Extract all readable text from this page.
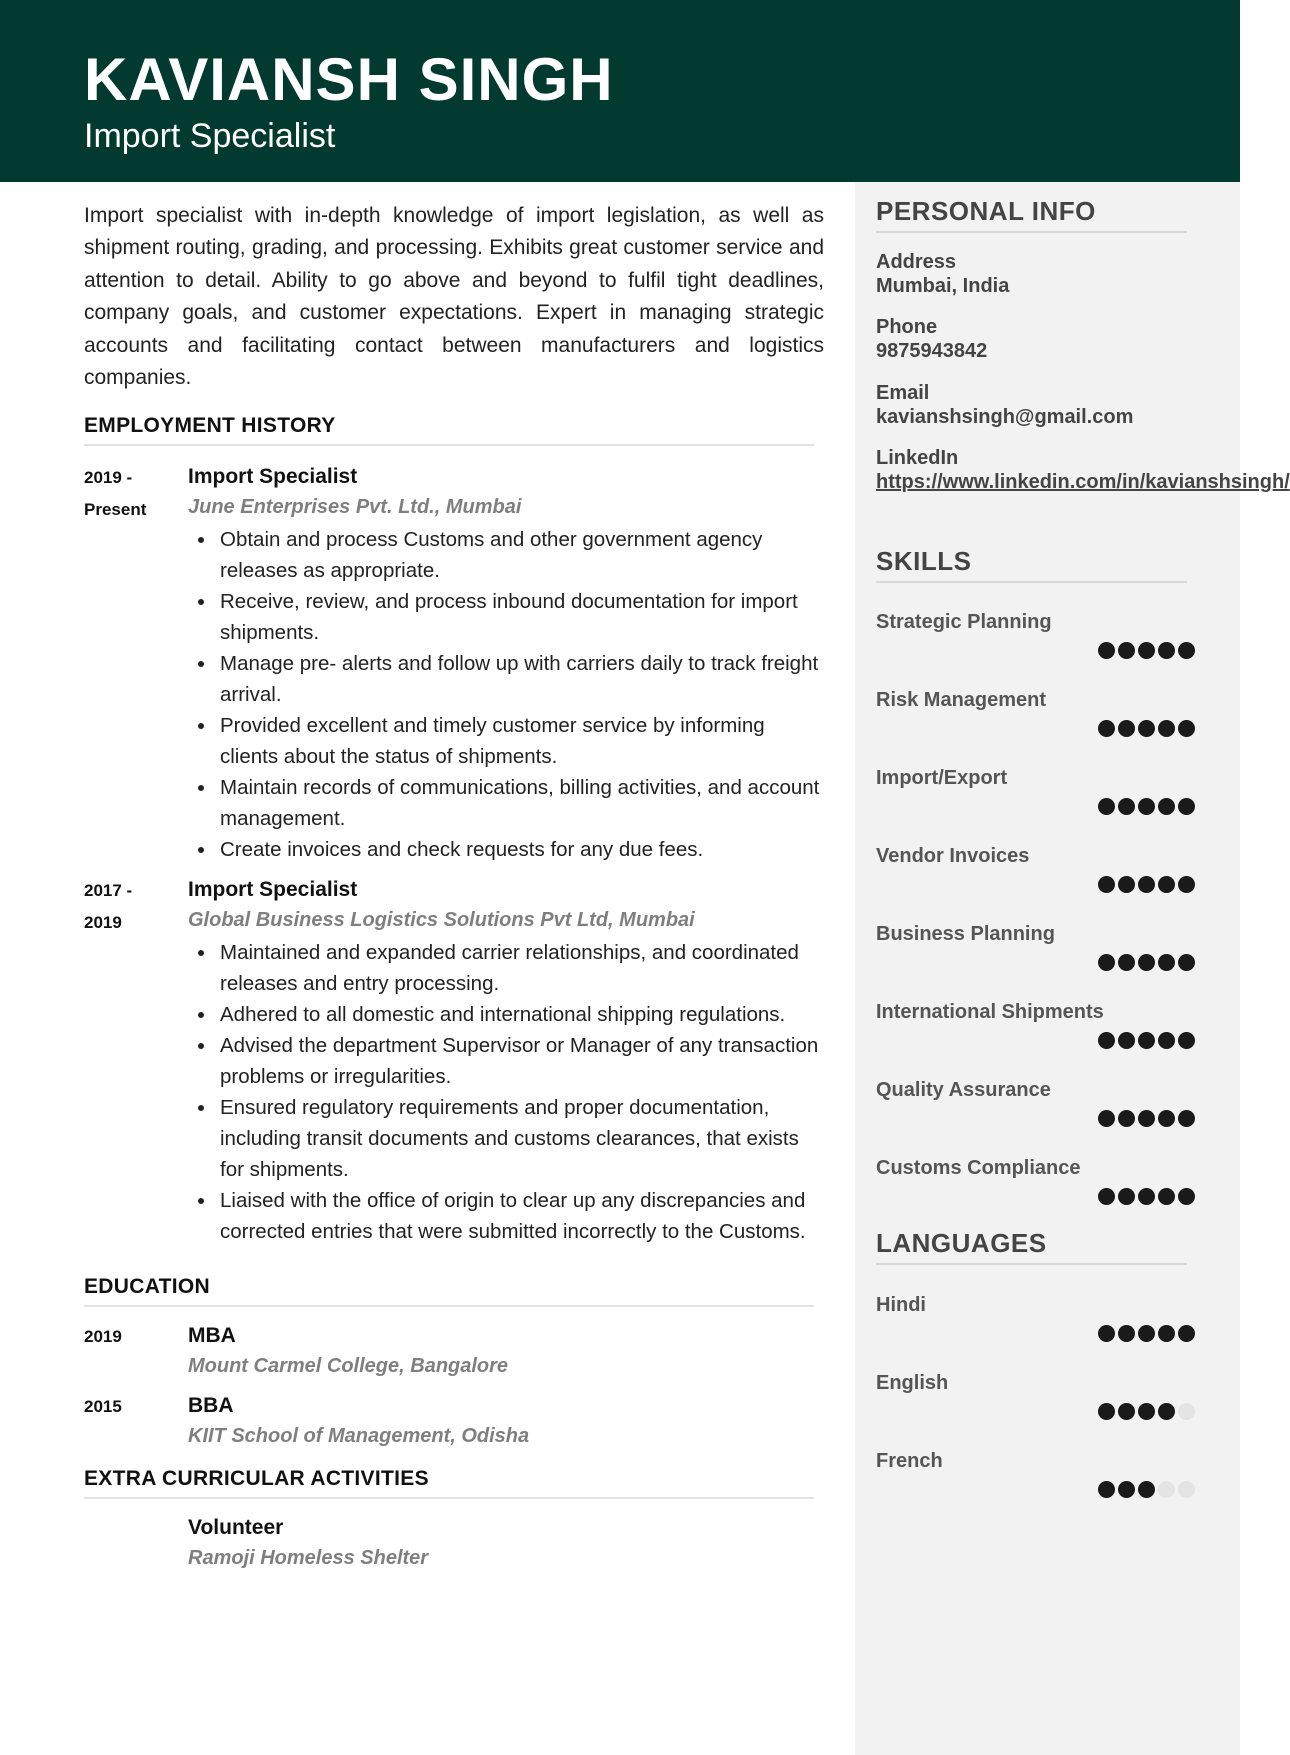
KAVIANSH SINGH
Import Specialist

Import specialist with in-depth knowledge of import legislation, as well as shipment routing, grading, and processing. Exhibits great customer service and attention to detail. Ability to go above and beyond to fulfil tight deadlines, company goals, and customer expectations. Expert in managing strategic accounts and facilitating contact between manufacturers and logistics companies.

EMPLOYMENT HISTORY
2019 -
Present
Import Specialist
June Enterprises Pvt. Ltd., Mumbai
Obtain and process Customs and other government agency releases as appropriate.
Receive, review, and process inbound documentation for import shipments.
Manage pre- alerts and follow up with carriers daily to track freight arrival.
Provided excellent and timely customer service by informing clients about the status of shipments.
Maintain records of communications, billing activities, and account management.
Create invoices and check requests for any due fees.
2017 -
2019
Import Specialist
Global Business Logistics Solutions Pvt Ltd, Mumbai
Maintained and expanded carrier relationships, and coordinated releases and entry processing.
Adhered to all domestic and international shipping regulations.
Advised the department Supervisor or Manager of any transaction problems or irregularities.
Ensured regulatory requirements and proper documentation, including transit documents and customs clearances, that exists for shipments.
Liaised with the office of origin to clear up any discrepancies and corrected entries that were submitted incorrectly to the Customs.
EDUCATION
2019	MBA
Mount Carmel College, Bangalore
2015	BBA
KIIT School of Management, Odisha
EXTRA CURRICULAR ACTIVITIES
Volunteer
Ramoji Homeless Shelter
PERSONAL INFO
Address
Mumbai, India
Phone
9875943842
Email
kavianshsingh@gmail.com
LinkedIn
https://www.linkedin.com/in/kavianshsingh/
SKILLS
Strategic Planning
Risk Management
Import/Export
Vendor Invoices
Business Planning
International Shipments
Quality Assurance
Customs Compliance
LANGUAGES
Hindi
English
French
